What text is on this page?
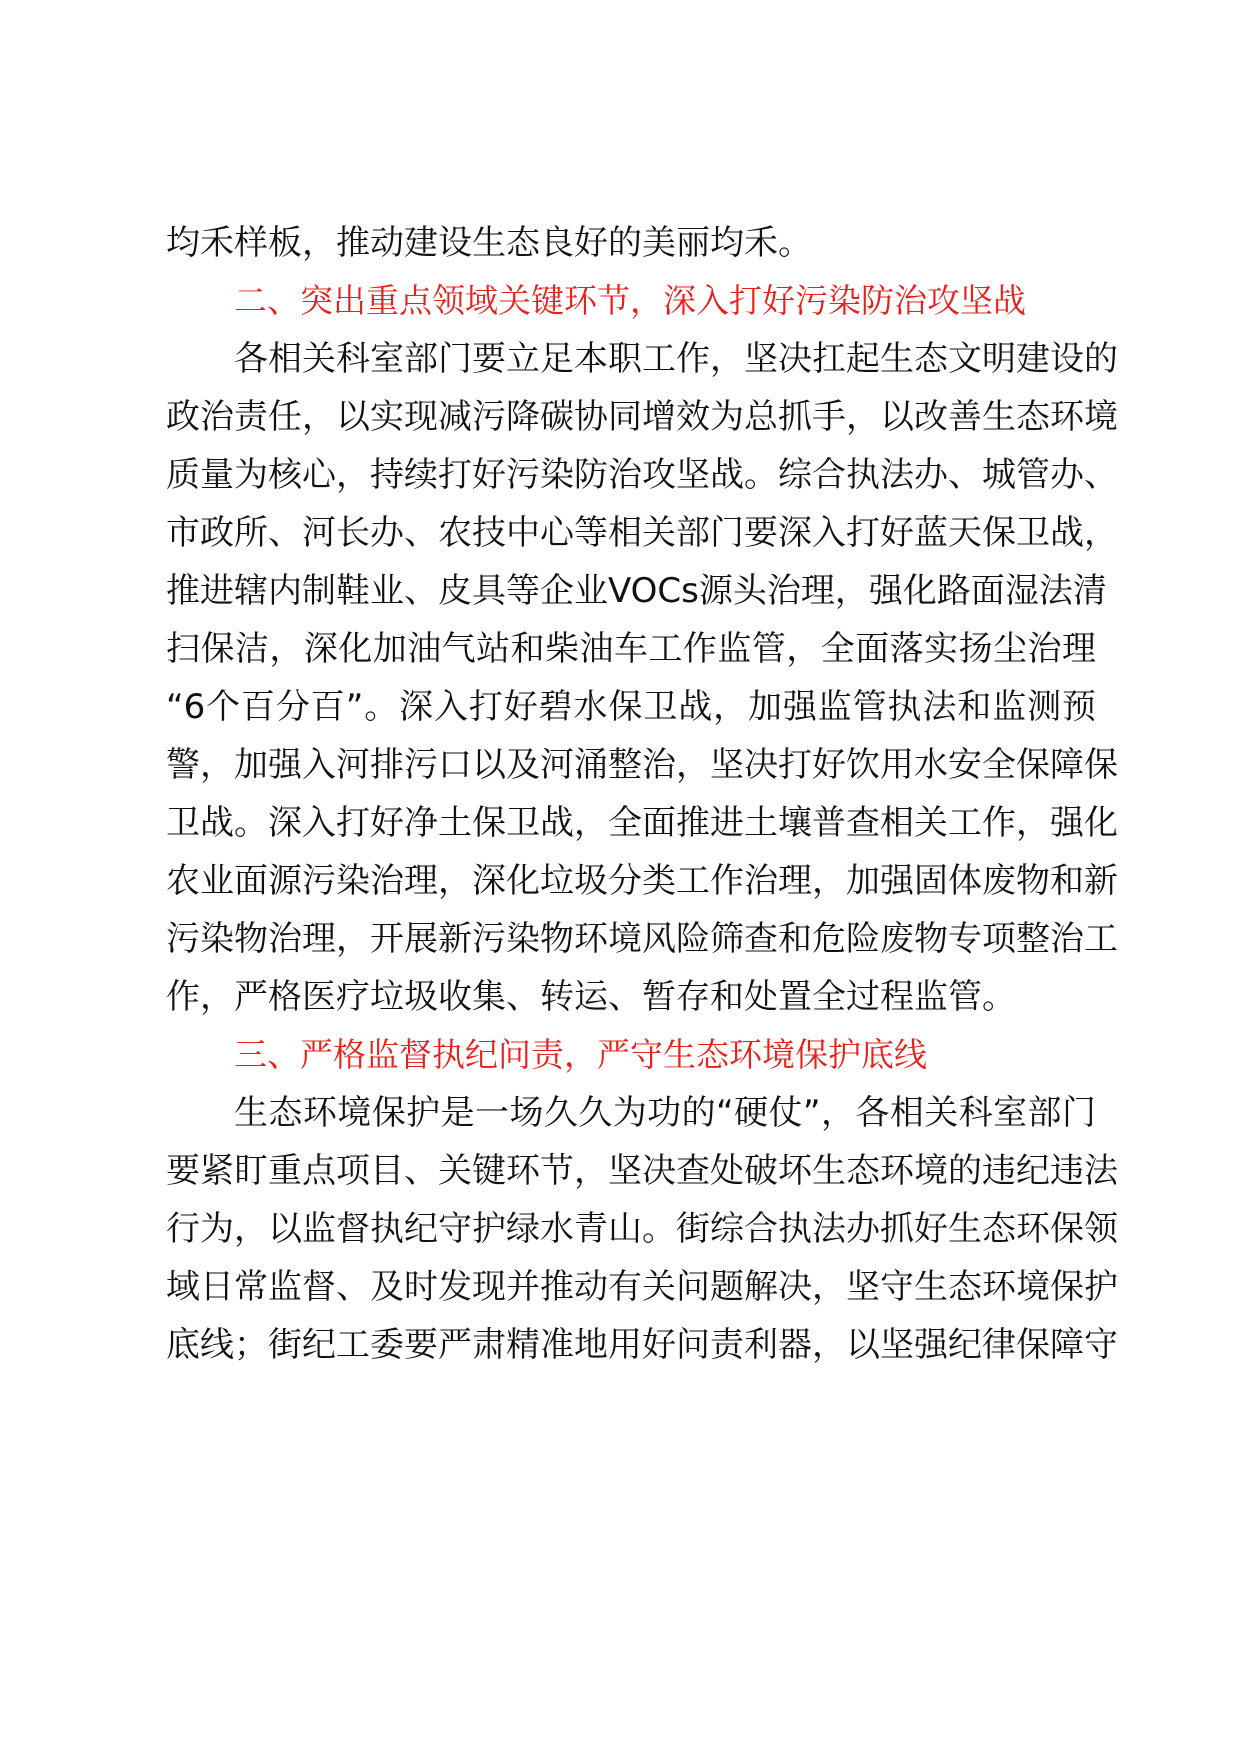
均禾样板，推动建设生态良好的美丽均禾。
二、突出重点领域关键环节，深入打好污染防治攻坚战
各相关科室部门要立足本职工作，坚决扛起生态文明建设的
政治责任，以实现减污降碳协同增效为总抓手，以改善生态环境
质量为核心，持续打好污染防治攻坚战。综合执法办、城管办、
市政所、河长办、农技中心等相关部门要深入打好蓝天保卫战，
推进辖内制鞋业、皮具等企业VOCs源头治理，强化路面湿法清
扫保洁，深化加油气站和柴油车工作监管，全面落实扬尘治理
“6个百分百”。深入打好碧水保卫战，加强监管执法和监测预
警，加强入河排污口以及河涌整治，坚决打好饮用水安全保障保
卫战。深入打好净土保卫战，全面推进土壤普查相关工作，强化
农业面源污染治理，深化垃圾分类工作治理，加强固体废物和新
污染物治理，开展新污染物环境风险筛查和危险废物专项整治工
作，严格医疗垃圾收集、转运、暂存和处置全过程监管。
三、严格监督执纪问责，严守生态环境保护底线
生态环境保护是一场久久为功的“硬仗”，各相关科室部门
要紧盯重点项目、关键环节，坚决查处破坏生态环境的违纪违法
行为，以监督执纪守护绿水青山。街综合执法办抓好生态环保领
域日常监督、及时发现并推动有关问题解决，坚守生态环境保护
底线；街纪工委要严肃精准地用好问责利器，以坚强纪律保障守
